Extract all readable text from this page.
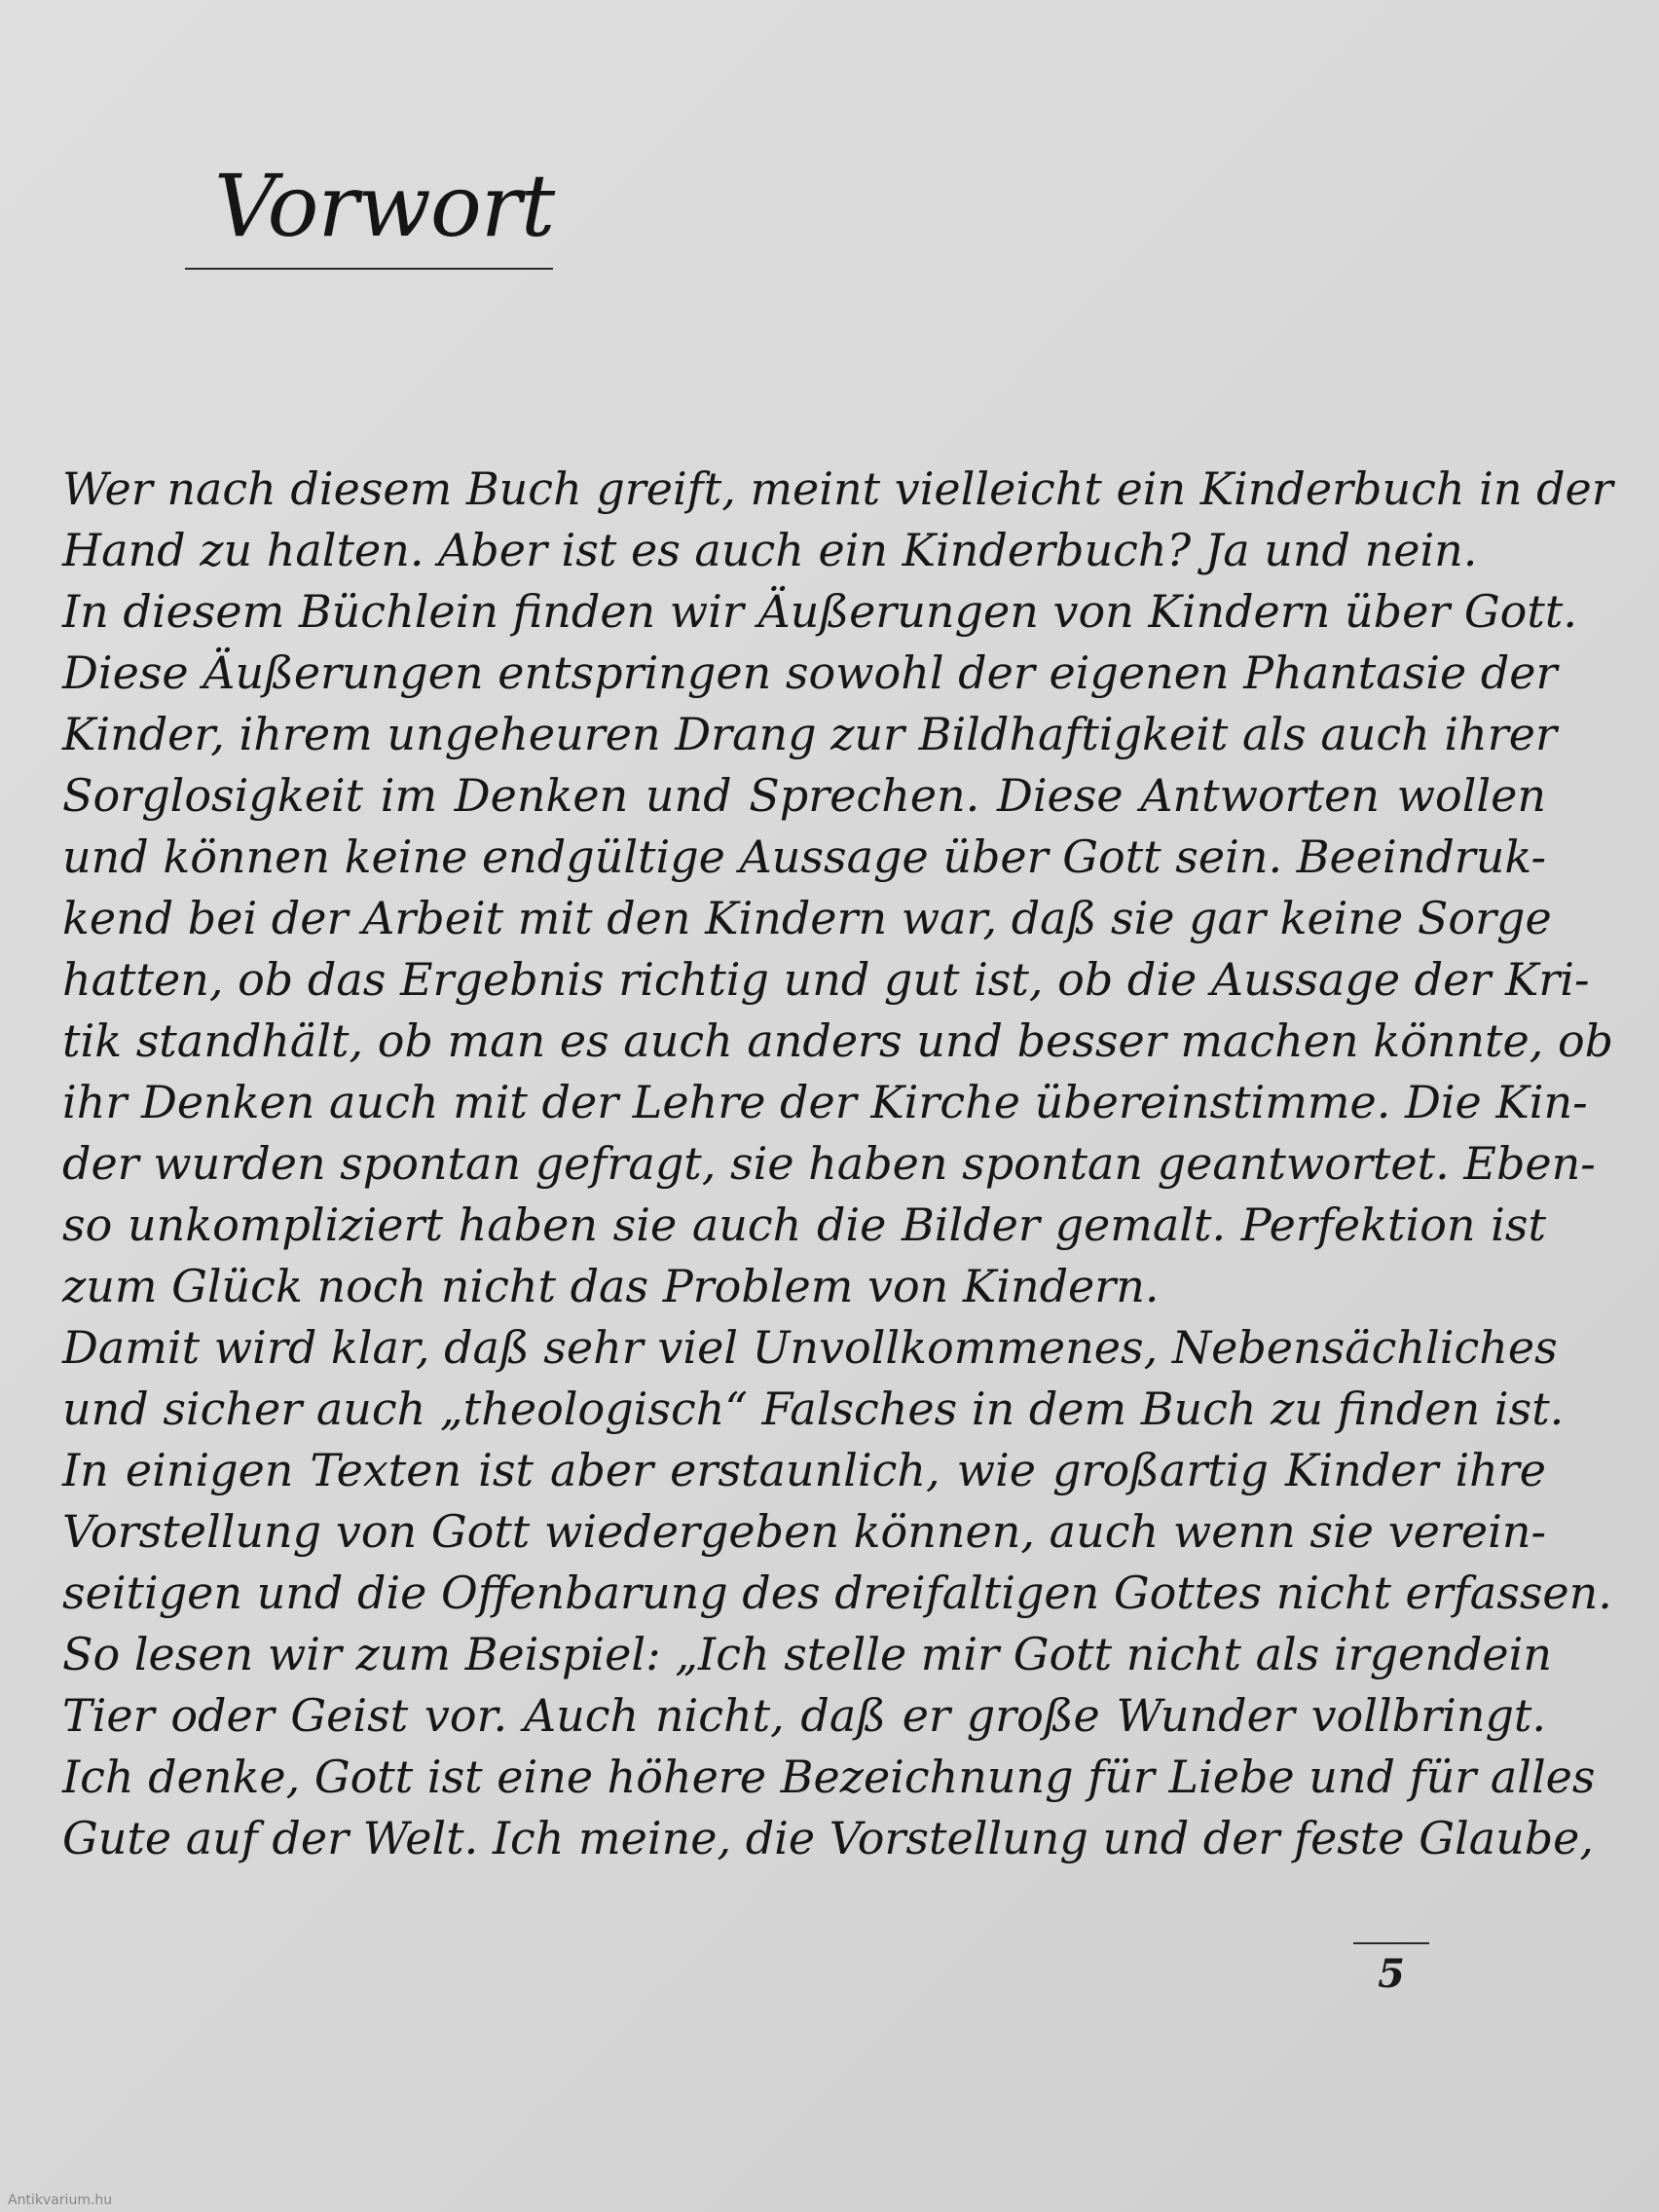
Vorwort
Wer nach diesem Buch greift, meint vielleicht ein Kinderbuch in der
Hand zu halten. Aber ist es auch ein Kinderbuch? Ja und nein.
In diesem Büchlein finden wir Äußerungen von Kindern über Gott.
Diese Äußerungen entspringen sowohl der eigenen Phantasie der
Kinder, ihrem ungeheuren Drang zur Bildhaftigkeit als auch ihrer
Sorglosigkeit im Denken und Sprechen. Diese Antworten wollen
und können keine endgültige Aussage über Gott sein. Beeindruk-
kend bei der Arbeit mit den Kindern war, daß sie gar keine Sorge
hatten, ob das Ergebnis richtig und gut ist, ob die Aussage der Kri-
tik standhält, ob man es auch anders und besser machen könnte, ob
ihr Denken auch mit der Lehre der Kirche übereinstimme. Die Kin-
der wurden spontan gefragt, sie haben spontan geantwortet. Eben-
so unkompliziert haben sie auch die Bilder gemalt. Perfektion ist
zum Glück noch nicht das Problem von Kindern.
Damit wird klar, daß sehr viel Unvollkommenes, Nebensächliches
und sicher auch „theologisch“ Falsches in dem Buch zu finden ist.
In einigen Texten ist aber erstaunlich, wie großartig Kinder ihre
Vorstellung von Gott wiedergeben können, auch wenn sie verein-
seitigen und die Offenbarung des dreifaltigen Gottes nicht erfassen.
So lesen wir zum Beispiel: „Ich stelle mir Gott nicht als irgendein
Tier oder Geist vor. Auch nicht, daß er große Wunder vollbringt.
Ich denke, Gott ist eine höhere Bezeichnung für Liebe und für alles
Gute auf der Welt. Ich meine, die Vorstellung und der feste Glaube,
5
Antikvarium.hu
